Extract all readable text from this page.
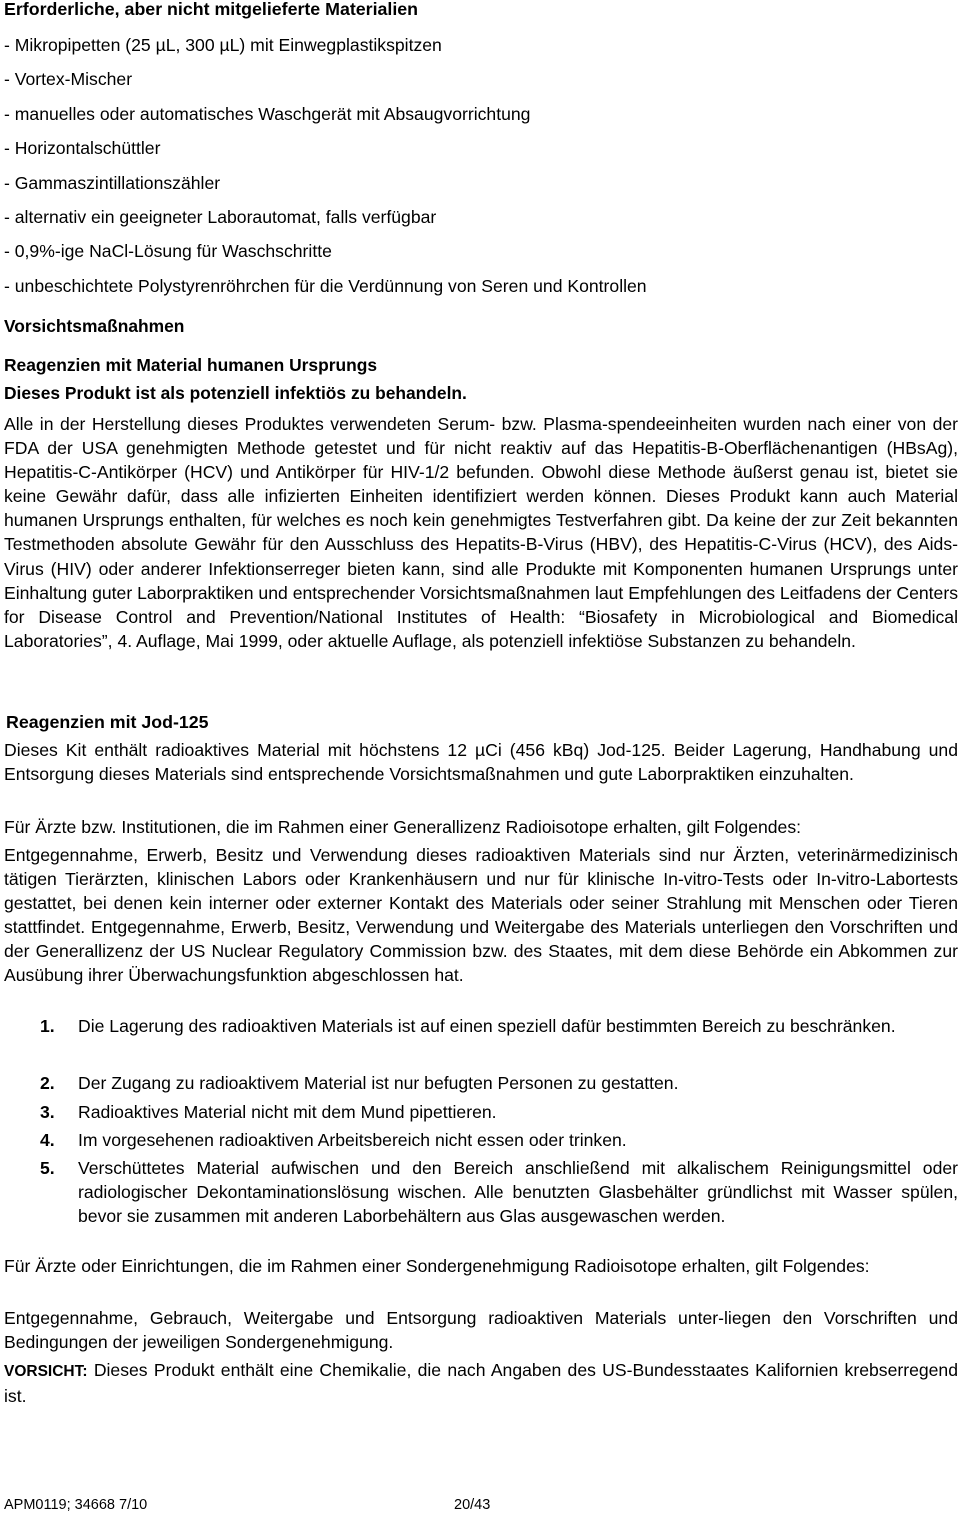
Erforderliche, aber nicht mitgelieferte Materialien
- Mikropipetten (25 µL, 300 µL) mit Einwegplastikspitzen
- Vortex-Mischer
- manuelles oder automatisches Waschgerät mit Absaugvorrichtung
- Horizontalschüttler
- Gammaszintillationszähler
- alternativ ein geeigneter Laborautomat, falls verfügbar
- 0,9%-ige NaCl-Lösung für Waschschritte
- unbeschichtete Polystyrenröhrchen für die Verdünnung von Seren und Kontrollen
Vorsichtsmaßnahmen
Reagenzien mit Material humanen Ursprungs
Dieses Produkt ist als potenziell infektiös zu behandeln.

Alle in der Herstellung dieses Produktes verwendeten Serum- bzw. Plasma-spendeeinheiten wurden nach einer von der FDA der USA genehmigten Methode getestet und für nicht reaktiv auf das Hepatitis-B-Oberflächenantigen (HBsAg), Hepatitis-C-Antikörper (HCV) und Antikörper für HIV-1/2 befunden. Obwohl diese Methode äußerst genau ist, bietet sie keine Gewähr dafür, dass alle infizierten Einheiten identifiziert werden können. Dieses Produkt kann auch Material humanen Ursprungs enthalten, für welches es noch kein genehmigtes Testverfahren gibt. Da keine der zur Zeit bekannten Testmethoden absolute Gewähr für den Ausschluss des Hepatits-B-Virus (HBV), des Hepatitis-C-Virus (HCV), des Aids-Virus (HIV) oder anderer Infektionserreger bieten kann, sind alle Produkte mit Komponenten humanen Ursprungs unter Einhaltung guter Laborpraktiken und entsprechender Vorsichtsmaßnahmen laut Empfehlungen des Leitfadens der Centers for Disease Control and Prevention/National Institutes of Health: “Biosafety in Microbiological and Biomedical Laboratories”, 4. Auflage, Mai 1999, oder aktuelle Auflage, als potenziell infektiöse Substanzen zu behandeln.

Reagenzien mit Jod-125

Dieses Kit enthält radioaktives Material mit höchstens 12 µCi (456 kBq) Jod-125. Beider Lagerung, Handhabung und Entsorgung dieses Materials sind entsprechende Vorsichtsmaßnahmen und gute Laborpraktiken einzuhalten.

Für Ärzte bzw. Institutionen, die im Rahmen einer Generallizenz Radioisotope erhalten, gilt Folgendes:

Entgegennahme, Erwerb, Besitz und Verwendung dieses radioaktiven Materials sind nur Ärzten, veterinärmedizinisch tätigen Tierärzten, klinischen Labors oder Krankenhäusern und nur für klinische In-vitro-Tests oder In-vitro-Labortests gestattet, bei denen kein interner oder externer Kontakt des Materials oder seiner Strahlung mit Menschen oder Tieren stattfindet. Entgegennahme, Erwerb, Besitz, Verwendung und Weitergabe des Materials unterliegen den Vorschriften und der Generallizenz der US Nuclear Regulatory Commission bzw. des Staates, mit dem diese Behörde ein Abkommen zur Ausübung ihrer Überwachungsfunktion abgeschlossen hat.

1. Die Lagerung des radioaktiven Materials ist auf einen speziell dafür bestimmten Bereich zu beschränken.
2. Der Zugang zu radioaktivem Material ist nur befugten Personen zu gestatten.
3. Radioaktives Material nicht mit dem Mund pipettieren.
4. Im vorgesehenen radioaktiven Arbeitsbereich nicht essen oder trinken.
5. Verschüttetes Material aufwischen und den Bereich anschließend mit alkalischem Reinigungsmittel oder radiologischer Dekontaminationslösung wischen. Alle benutzten Glasbehälter gründlichst mit Wasser spülen, bevor sie zusammen mit anderen Laborbehältern aus Glas ausgewaschen werden.

Für Ärzte oder Einrichtungen, die im Rahmen einer Sondergenehmigung Radioisotope erhalten, gilt Folgendes:

Entgegennahme, Gebrauch, Weitergabe und Entsorgung radioaktiven Materials unter-liegen den Vorschriften und Bedingungen der jeweiligen Sondergenehmigung.

VORSICHT: Dieses Produkt enthält eine Chemikalie, die nach Angaben des US-Bundesstaates Kalifornien krebserregend ist.

APM0119; 34668 7/10	20/43
